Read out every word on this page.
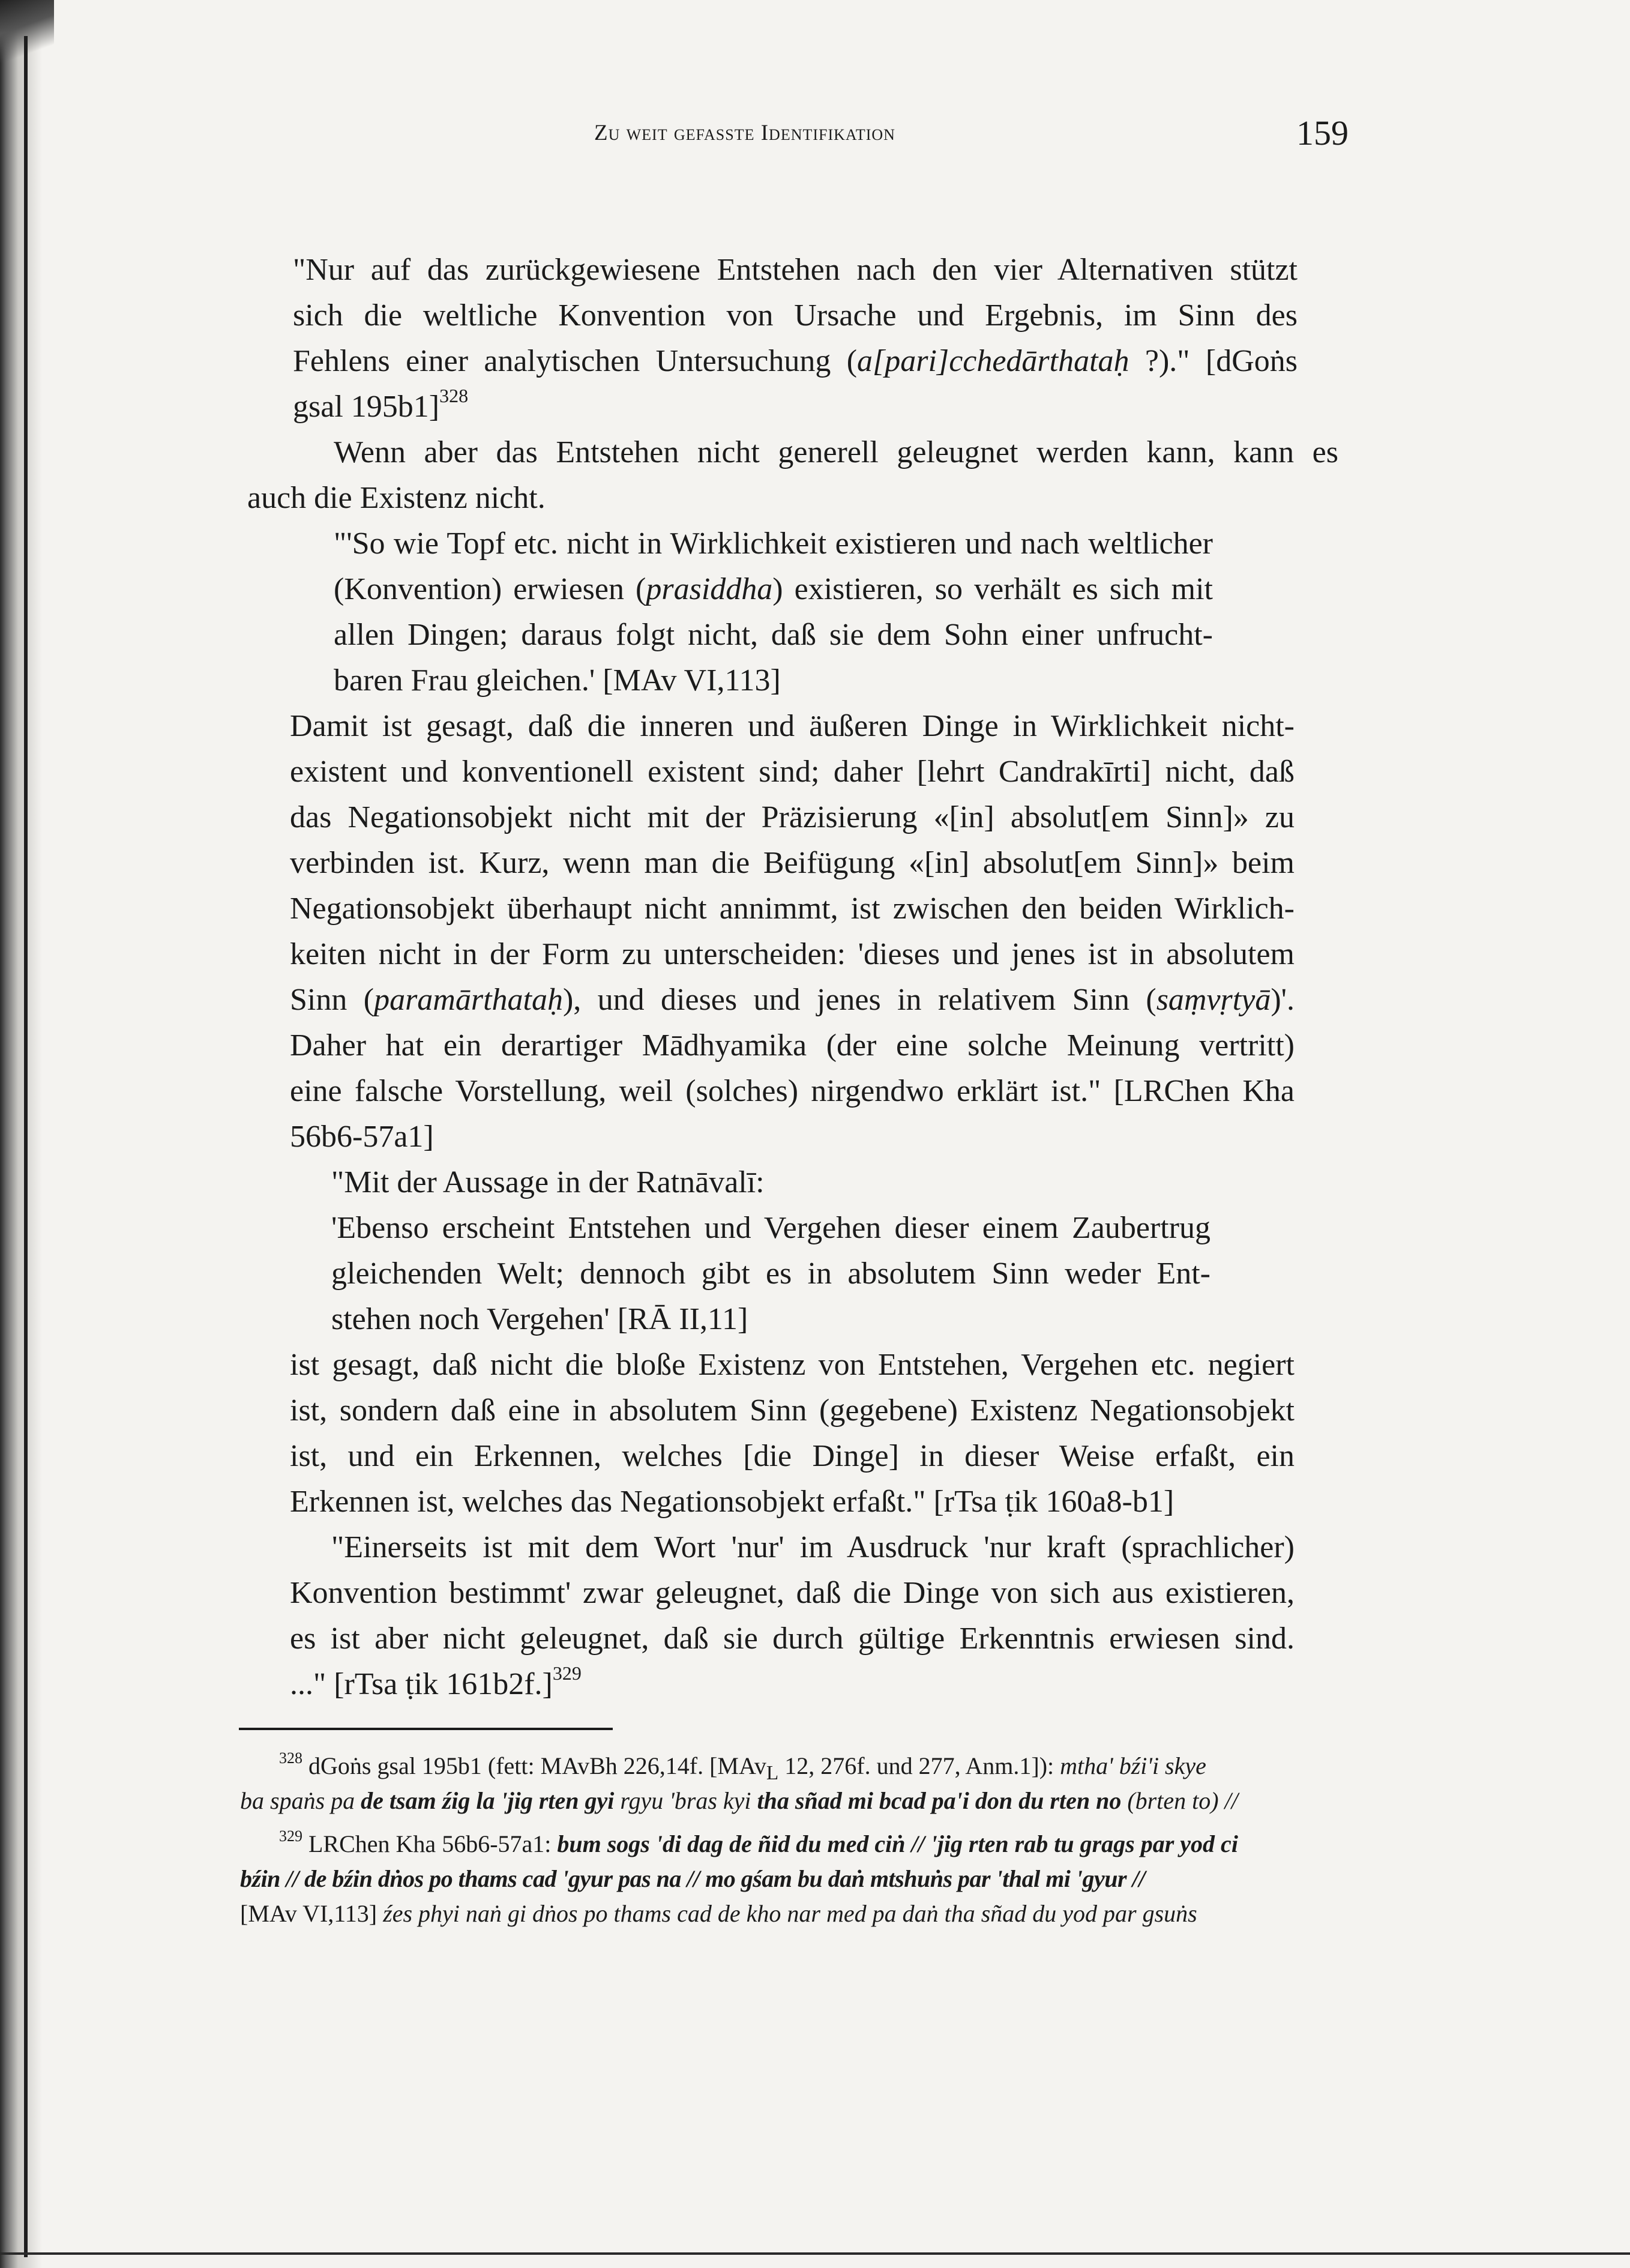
Zu weit gefasste Identifikation	159
"Nur auf das zurückgewiesene Entstehen nach den vier Alternativen stützt
sich die weltliche Konvention von Ursache und Ergebnis, im Sinn des
Fehlens einer analytischen Untersuchung (a[pari]cchedārthataḥ ?)." [dGoṅs
gsal 195b1]$^{328}$
Wenn aber das Entstehen nicht generell geleugnet werden kann, kann es
auch die Existenz nicht.
"'So wie Topf etc. nicht in Wirklichkeit existieren und nach weltlicher
(Konvention) erwiesen (prasiddha) existieren, so verhält es sich mit
allen Dingen; daraus folgt nicht, daß sie dem Sohn einer unfrucht-
baren Frau gleichen.' [MAv VI,113]
Damit ist gesagt, daß die inneren und äußeren Dinge in Wirklichkeit nicht-
existent und konventionell existent sind; daher [lehrt Candrakīrti] nicht, daß
das Negationsobjekt nicht mit der Präzisierung «[in] absolut[em Sinn]» zu
verbinden ist. Kurz, wenn man die Beifügung «[in] absolut[em Sinn]» beim
Negationsobjekt überhaupt nicht annimmt, ist zwischen den beiden Wirklich-
keiten nicht in der Form zu unterscheiden: 'dieses und jenes ist in absolutem
Sinn (paramārthataḥ), und dieses und jenes in relativem Sinn (saṃvṛtyā)'.
Daher hat ein derartiger Mādhyamika (der eine solche Meinung vertritt)
eine falsche Vorstellung, weil (solches) nirgendwo erklärt ist." [LRChen Kha
56b6-57a1]
"Mit der Aussage in der Ratnāvalī:
'Ebenso erscheint Entstehen und Vergehen dieser einem Zaubertrug
gleichenden Welt; dennoch gibt es in absolutem Sinn weder Ent-
stehen noch Vergehen' [RĀ II,11]
ist gesagt, daß nicht die bloße Existenz von Entstehen, Vergehen etc. negiert
ist, sondern daß eine in absolutem Sinn (gegebene) Existenz Negationsobjekt
ist, und ein Erkennen, welches [die Dinge] in dieser Weise erfaßt, ein
Erkennen ist, welches das Negationsobjekt erfaßt." [rTsa ṭik 160a8-b1]
"Einerseits ist mit dem Wort 'nur' im Ausdruck 'nur kraft (sprachlicher)
Konvention bestimmt' zwar geleugnet, daß die Dinge von sich aus existieren,
es ist aber nicht geleugnet, daß sie durch gültige Erkenntnis erwiesen sind.
..." [rTsa ṭik 161b2f.]$^{329}$
$^{328}$ dGoṅs gsal 195b1 (fett: MAvBh 226,14f. [MAv$_L$ 12, 276f. und 277, Anm.1]): mtha' bźi'i skye
ba spaṅs pa de tsam źig la 'jig rten gyi rgyu 'bras kyi tha sñad mi bcad pa'i don du rten no (brten to) //
$^{329}$ LRChen Kha 56b6-57a1: bum sogs 'di dag de ñid du med ciṅ // 'jig rten rab tu grags par yod ci
bźin // de bźin dṅos po thams cad 'gyur pas na // mo gśam bu daṅ mtshuṅs par 'thal mi 'gyur //
[MAv VI,113] źes phyi naṅ gi dṅos po thams cad de kho nar med pa daṅ tha sñad du yod par gsuṅs
